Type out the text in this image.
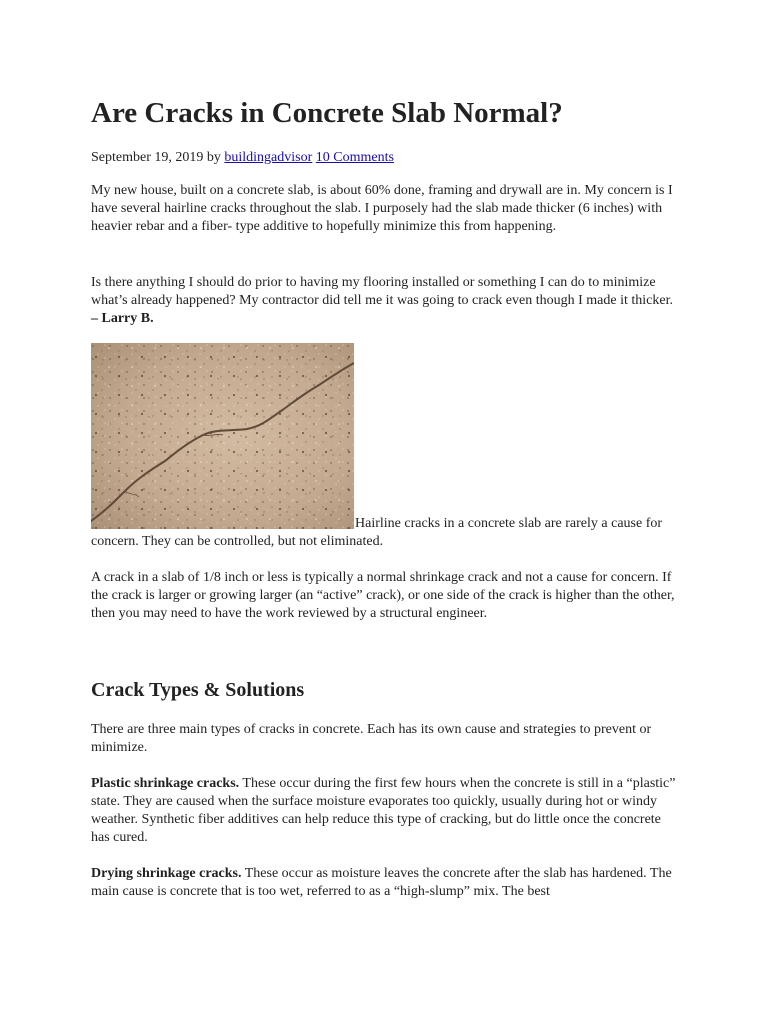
Are Cracks in Concrete Slab Normal?
September 19, 2019 by buildingadvisor 10 Comments

My new house, built on a concrete slab, is about 60% done, framing and drywall are in. My concern is I have several hairline cracks throughout the slab. I purposely had the slab made thicker (6 inches) with heavier rebar and a fiber- type additive to hopefully minimize this from happening.

Is there anything I should do prior to having my flooring installed or something I can do to minimize what’s already happened? My contractor did tell me it was going to crack even though I made it thicker. – Larry B.

Hairline cracks in a concrete slab are rarely a cause for concern. They can be controlled, but not eliminated.

A crack in a slab of 1/8 inch or less is typically a normal shrinkage crack and not a cause for concern. If the crack is larger or growing larger (an “active” crack), or one side of the crack is higher than the other, then you may need to have the work reviewed by a structural engineer.

Crack Types & Solutions

There are three main types of cracks in concrete. Each has its own cause and strategies to prevent or minimize.

Plastic shrinkage cracks. These occur during the first few hours when the concrete is still in a “plastic” state. They are caused when the surface moisture evaporates too quickly, usually during hot or windy weather. Synthetic fiber additives can help reduce this type of cracking, but do little once the concrete has cured.

Drying shrinkage cracks. These occur as moisture leaves the concrete after the slab has hardened. The main cause is concrete that is too wet, referred to as a “high-slump” mix. The best
